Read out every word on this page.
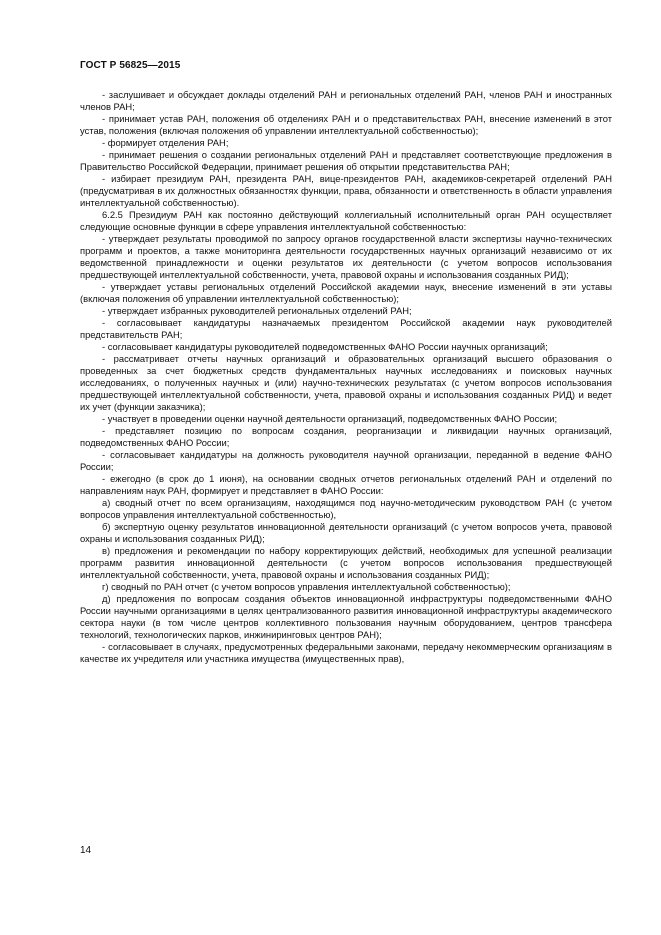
ГОСТ Р 56825—2015

- заслушивает и обсуждает доклады отделений РАН и региональных отделений РАН, членов РАН и иностранных членов РАН;

- принимает устав РАН, положения об отделениях РАН и о представительствах РАН, внесение изменений в этот устав, положения (включая положения об управлении интеллектуальной собственностью);

- формирует отделения РАН;

- принимает решения о создании региональных отделений РАН и представляет соответствующие предложения в Правительство Российской Федерации, принимает решения об открытии представительства РАН;

- избирает президиум РАН, президента РАН, вице-президентов РАН, академиков-секретарей отделений РАН (предусматривая в их должностных обязанностях функции, права, обязанности и ответственность в области управления интеллектуальной собственностью).

6.2.5 Президиум РАН как постоянно действующий коллегиальный исполнительный орган РАН осуществляет следующие основные функции в сфере управления интеллектуальной собственностью:

- утверждает результаты проводимой по запросу органов государственной власти экспертизы научно-технических программ и проектов, а также мониторинга деятельности государственных научных организаций независимо от их ведомственной принадлежности и оценки результатов их деятельности (с учетом вопросов использования предшествующей интеллектуальной собственности, учета, правовой охраны и использования созданных РИД);

- утверждает уставы региональных отделений Российской академии наук, внесение изменений в эти уставы (включая положения об управлении интеллектуальной собственностью);

- утверждает избранных руководителей региональных отделений РАН;

- согласовывает кандидатуры назначаемых президентом Российской академии наук руководителей представительств РАН;

- согласовывает кандидатуры руководителей подведомственных ФАНО России научных организаций;

- рассматривает отчеты научных организаций и образовательных организаций высшего образования о проведенных за счет бюджетных средств фундаментальных научных исследованиях и поисковых научных исследованиях, о полученных научных и (или) научно-технических результатах (с учетом вопросов использования предшествующей интеллектуальной собственности, учета, правовой охраны и использования созданных РИД) и ведет их учет (функции заказчика);

- участвует в проведении оценки научной деятельности организаций, подведомственных ФАНО России;

- представляет позицию по вопросам создания, реорганизации и ликвидации научных организаций, подведомственных ФАНО России;

- согласовывает кандидатуры на должность руководителя научной организации, переданной в ведение ФАНО России;

- ежегодно (в срок до 1 июня), на основании сводных отчетов региональных отделений РАН и отделений по направлениям наук РАН, формирует и представляет в ФАНО России:

а) сводный отчет по всем организациям, находящимся под научно-методическим руководством РАН (с учетом вопросов управления интеллектуальной собственностью),

б) экспертную оценку результатов инновационной деятельности организаций (с учетом вопросов учета, правовой охраны и использования созданных РИД);

в) предложения и рекомендации по набору корректирующих действий, необходимых для успешной реализации программ развития инновационной деятельности (с учетом вопросов использования предшествующей интеллектуальной собственности, учета, правовой охраны и использования созданных РИД);

г) сводный по РАН отчет (с учетом вопросов управления интеллектуальной собственностью);

д) предложения по вопросам создания объектов инновационной инфраструктуры подведомственными ФАНО России научными организациями в целях централизованного развития инновационной инфраструктуры академического сектора науки (в том числе центров коллективного пользования научным оборудованием, центров трансфера технологий, технологических парков, инжиниринговых центров РАН);

- согласовывает в случаях, предусмотренных федеральными законами, передачу некоммерческим организациям в качестве их учредителя или участника имущества (имущественных прав),

14
